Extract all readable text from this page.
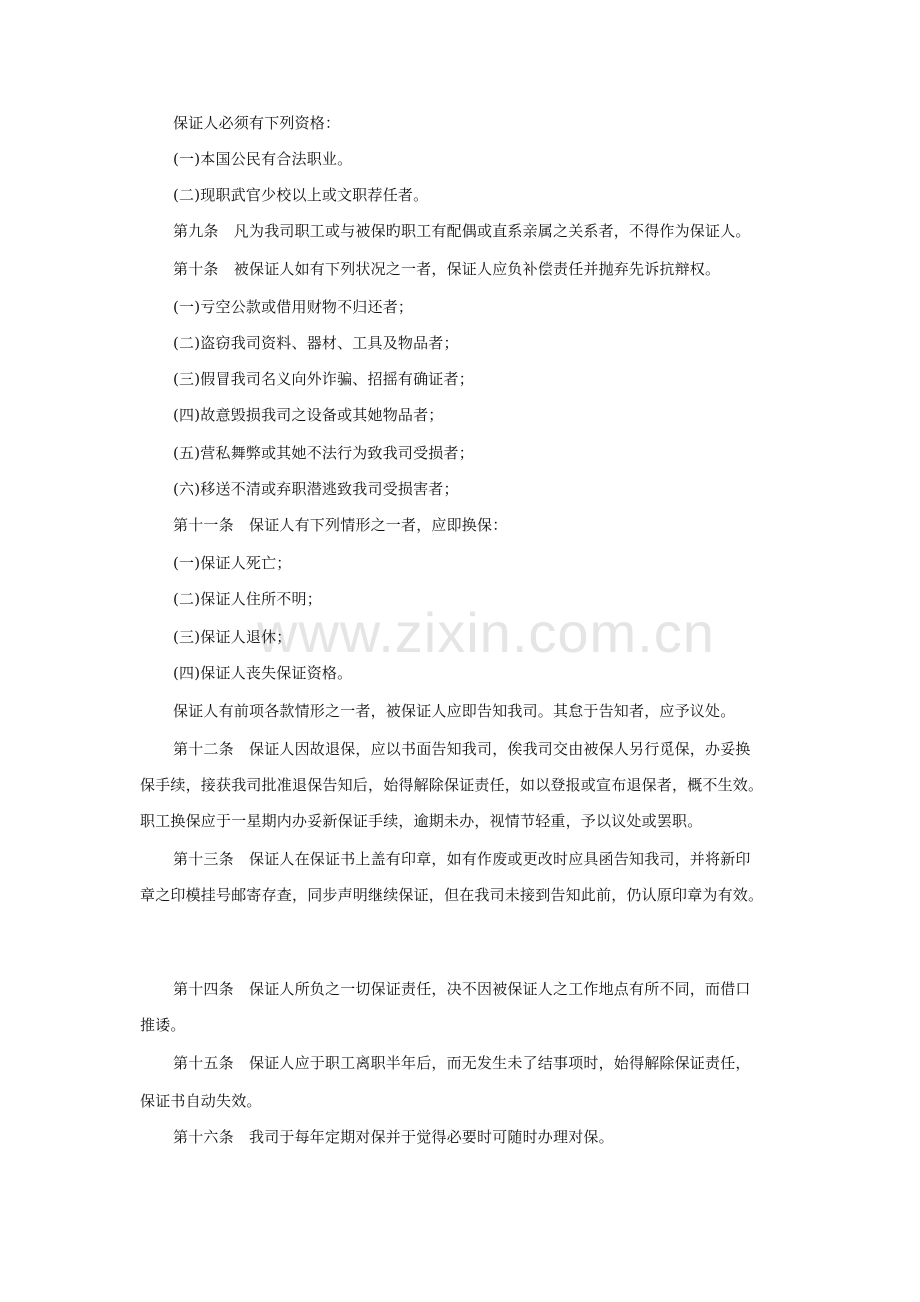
www.zixin.com.cn
保证人必须有下列资格：
(一)本国公民有合法职业。
(二)现职武官少校以上或文职荐任者。
第九条　凡为我司职工或与被保旳职工有配偶或直系亲属之关系者，不得作为保证人。
第十条　被保证人如有下列状况之一者，保证人应负补偿责任并抛弃先诉抗辩权。
(一)亏空公款或借用财物不归还者；
(二)盗窃我司资料、器材、工具及物品者；
(三)假冒我司名义向外诈骗、招摇有确证者；
(四)故意毁损我司之设备或其她物品者；
(五)营私舞弊或其她不法行为致我司受损者；
(六)移送不清或弃职潜逃致我司受损害者；
第十一条　保证人有下列情形之一者，应即换保：
(一)保证人死亡；
(二)保证人住所不明；
(三)保证人退休；
(四)保证人丧失保证资格。
保证人有前项各款情形之一者，被保证人应即告知我司。其怠于告知者，应予议处。
第十二条　保证人因故退保，应以书面告知我司，俟我司交由被保人另行觅保，办妥换
保手续，接获我司批准退保告知后，始得解除保证责任，如以登报或宣布退保者，概不生效。
职工换保应于一星期内办妥新保证手续，逾期未办，视情节轻重，予以议处或罢职。
第十三条　保证人在保证书上盖有印章，如有作废或更改时应具函告知我司，并将新印
章之印模挂号邮寄存查，同步声明继续保证，但在我司未接到告知此前，仍认原印章为有效。
第十四条　保证人所负之一切保证责任，决不因被保证人之工作地点有所不同，而借口
推诿。
第十五条　保证人应于职工离职半年后，而无发生未了结事项时，始得解除保证责任，
保证书自动失效。
第十六条　我司于每年定期对保并于觉得必要时可随时办理对保。
